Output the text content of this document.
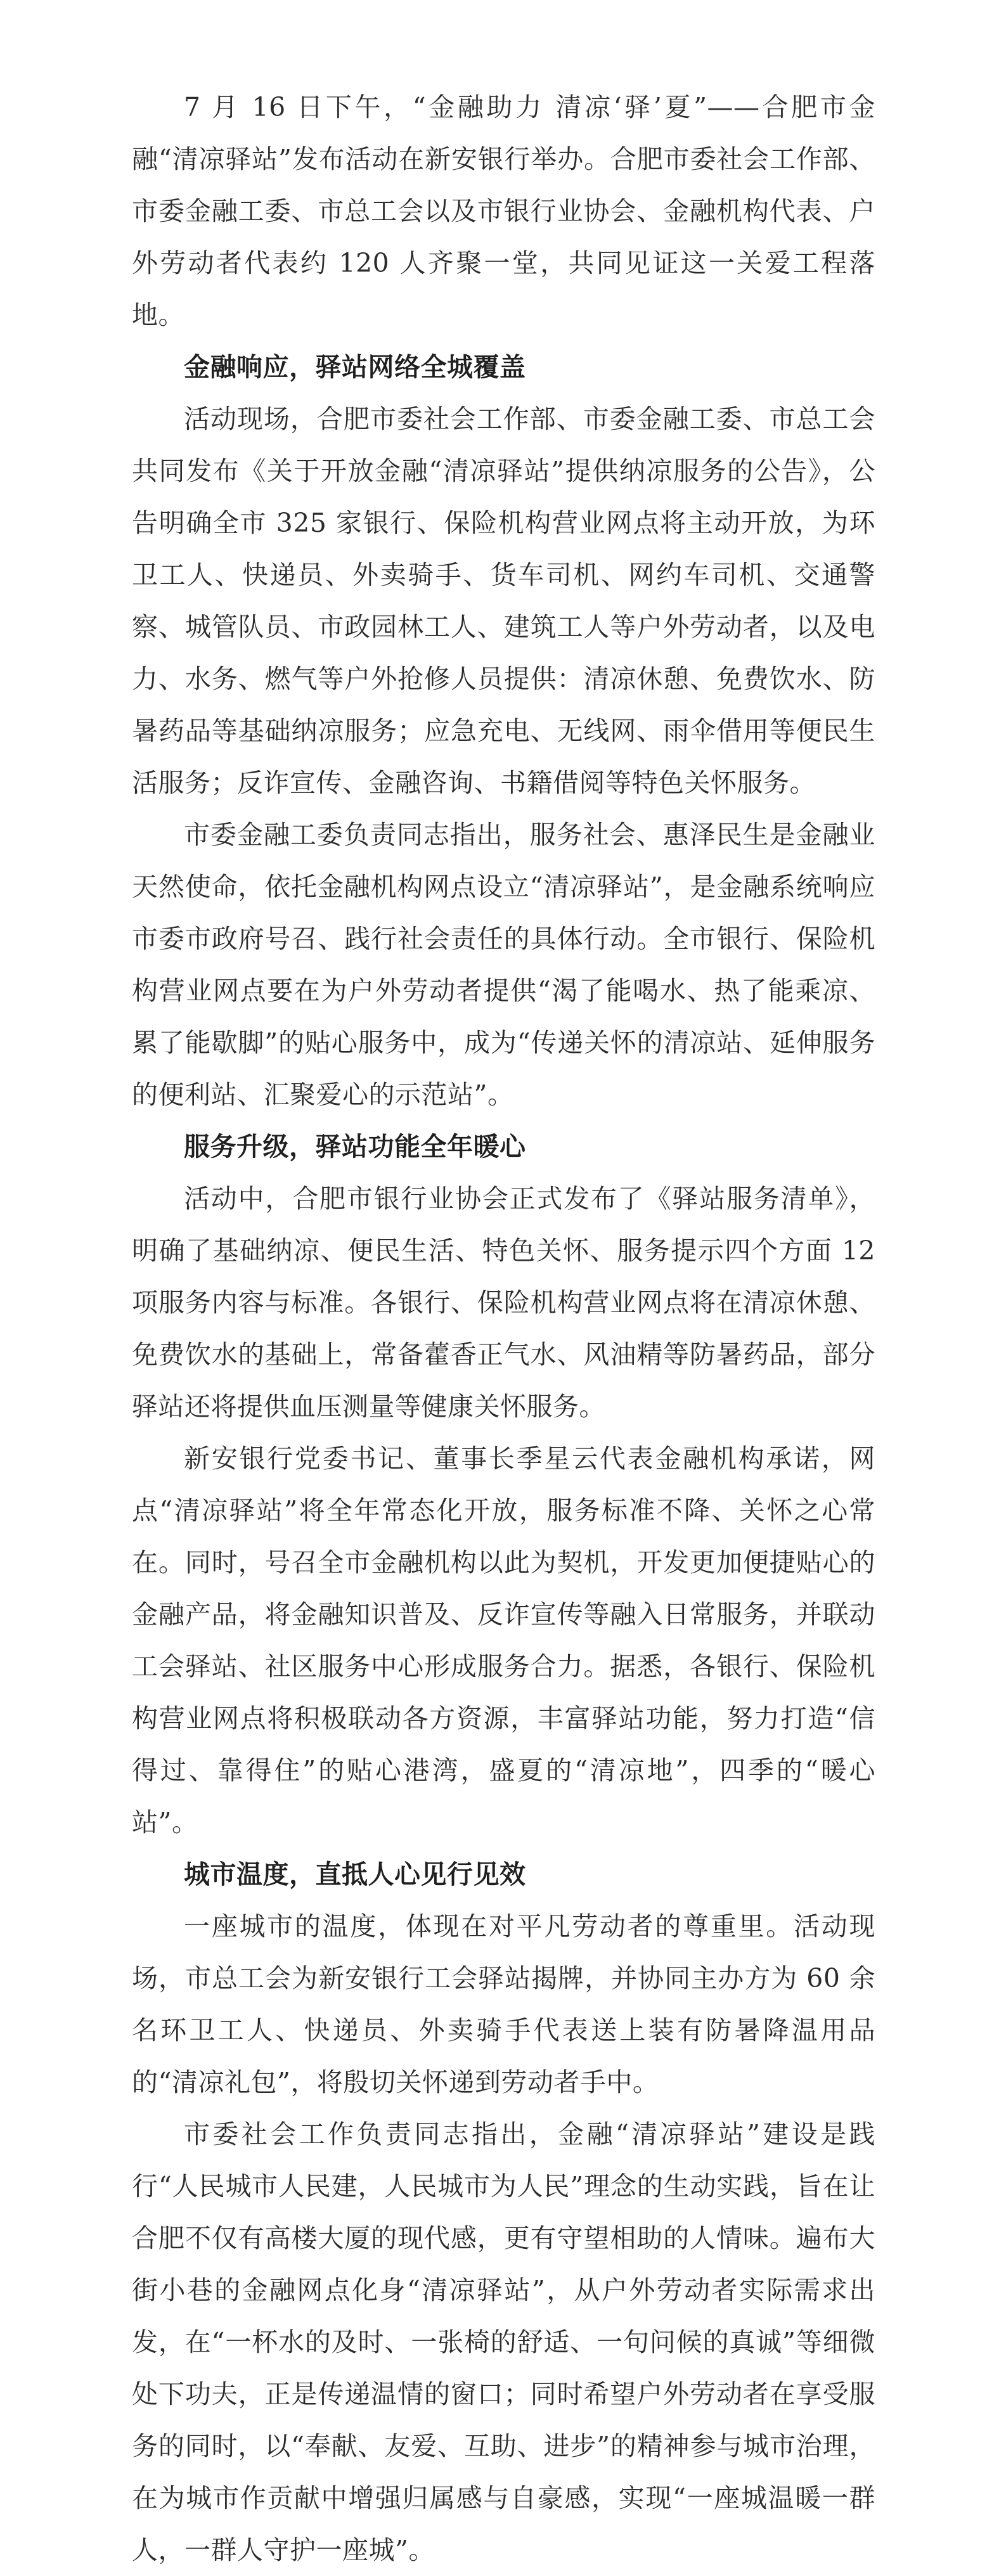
7 月 16 日下午，“金融助力 清凉‘驿’夏”——合肥市金融“清凉驿站”发布活动在新安银行举办。合肥市委社会工作部、市委金融工委、市总工会以及市银行业协会、金融机构代表、户外劳动者代表约 120 人齐聚一堂，共同见证这一关爱工程落地。

金融响应，驿站网络全城覆盖

活动现场，合肥市委社会工作部、市委金融工委、市总工会共同发布《关于开放金融“清凉驿站”提供纳凉服务的公告》，公告明确全市 325 家银行、保险机构营业网点将主动开放，为环卫工人、快递员、外卖骑手、货车司机、网约车司机、交通警察、城管队员、市政园林工人、建筑工人等户外劳动者，以及电力、水务、燃气等户外抢修人员提供：清凉休憩、免费饮水、防暑药品等基础纳凉服务；应急充电、无线网、雨伞借用等便民生活服务；反诈宣传、金融咨询、书籍借阅等特色关怀服务。

市委金融工委负责同志指出，服务社会、惠泽民生是金融业天然使命，依托金融机构网点设立“清凉驿站”，是金融系统响应市委市政府号召、践行社会责任的具体行动。全市银行、保险机构营业网点要在为户外劳动者提供“渴了能喝水、热了能乘凉、累了能歇脚”的贴心服务中，成为“传递关怀的清凉站、延伸服务的便利站、汇聚爱心的示范站”。

服务升级，驿站功能全年暖心

活动中，合肥市银行业协会正式发布了《驿站服务清单》，明确了基础纳凉、便民生活、特色关怀、服务提示四个方面 12 项服务内容与标准。各银行、保险机构营业网点将在清凉休憩、免费饮水的基础上，常备藿香正气水、风油精等防暑药品，部分驿站还将提供血压测量等健康关怀服务。

新安银行党委书记、董事长季星云代表金融机构承诺，网点“清凉驿站”将全年常态化开放，服务标准不降、关怀之心常在。同时，号召全市金融机构以此为契机，开发更加便捷贴心的金融产品，将金融知识普及、反诈宣传等融入日常服务，并联动工会驿站、社区服务中心形成服务合力。据悉，各银行、保险机构营业网点将积极联动各方资源，丰富驿站功能，努力打造“信得过、靠得住”的贴心港湾，盛夏的“清凉地”，四季的“暖心站”。

城市温度，直抵人心见行见效

一座城市的温度，体现在对平凡劳动者的尊重里。活动现场，市总工会为新安银行工会驿站揭牌，并协同主办方为 60 余名环卫工人、快递员、外卖骑手代表送上装有防暑降温用品的“清凉礼包”，将殷切关怀递到劳动者手中。

市委社会工作负责同志指出，金融“清凉驿站”建设是践行“人民城市人民建，人民城市为人民”理念的生动实践，旨在让合肥不仅有高楼大厦的现代感，更有守望相助的人情味。遍布大街小巷的金融网点化身“清凉驿站”，从户外劳动者实际需求出发，在“一杯水的及时、一张椅的舒适、一句问候的真诚”等细微处下功夫，正是传递温情的窗口；同时希望户外劳动者在享受服务的同时，以“奉献、友爱、互助、进步”的精神参与城市治理，在为城市作贡献中增强归属感与自豪感，实现“一座城温暖一群人，一群人守护一座城”。
